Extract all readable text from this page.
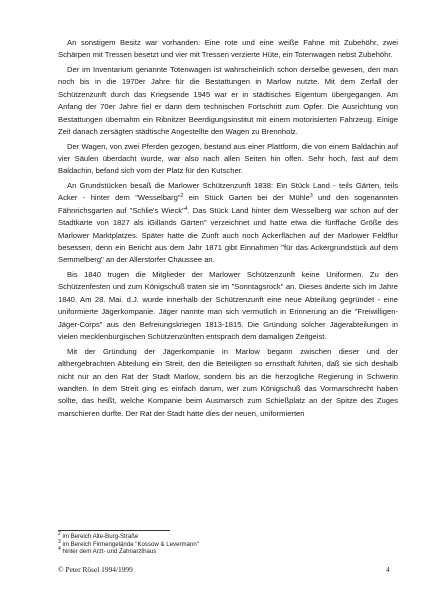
An sonstigem Besitz war vorhanden: Eine rote und eine weiße Fahne mit Zubehöhr, zwei Schärpen mit Tressen besetzt und vier mit Tressen verzierte Hüte, ein Totenwagen nebst Zubehöhr.

Der im Inventarium genannte Totenwagen ist wahrscheinlich schon derselbe gewesen, den man noch bis in die 1970er Jahre für die Bestattungen in Marlow nutzte. Mit dem Zerfall der Schützenzunft durch das Kriegsende 1945 war er in städtisches Eigentum übergegangen. Am Anfang der 70er Jahre fiel er dann dem technischen Fortschritt zum Opfer. Die Ausrichtung von Bestattungen übernahm ein Ribnitzer Beerdigungsinstitut mit einem motorisierten Fahrzeug. Einige Zeit danach zersägten städtische Angestellte den Wagen zu Brennholz.

Der Wagen, von zwei Pferden gezogen, bestand aus einer Plattform, die von einem Baldachin auf vier Säulen überdacht wurde, war also nach allen Seiten hin offen. Sehr hoch, fast auf dem Baldachin, befand sich vorn der Platz für den Kutscher.

An Grundstücken besaß die Marlower Schützenzunft 1838: Ein Stück Land - teils Gärten, teils Acker - hinter dem "Wesselbarg"$^2$ ein Stück Garten bei der Mühle$^3$ und den sogenannten Fähnrichsgarten auf "Schlie's Wieck"$^4$. Das Stück Land hinter dem Wesselberg war schon auf der Stadtkarte von 1827 als iGillands Gärten" verzeichnet und hatte etwa die fünffache Größe des Marlower Marktplatzes. Später hatte die Zunft auch noch Ackerflächen auf der Marlower Feldflur besessen, denn ein Bericht aus dem Jahr 1871 gibt Einnahmen "für das Ackergrundstück auf dem Semmelberg" an der Allerstorfer Chaussee an.

Bis 1840 trugen die Mitglieder der Marlower Schützenzunft keine Uniformen. Zu den Schützenfesten und zum Königschuß traten sie im "Sonntagsrock" an. Dieses änderte sich im Jahre 1840. Am 28. Mai. d.J. wurde innerhalb der Schützenzunft eine neue Abteilung gegründet - eine uniformierte Jägerkompanie. Jäger nannte man sich vermutlich in Erinnerung an die "Freiwilligen-Jäger-Corps" aus den Befreiungskriegen 1813-1815. Die Gründung solcher Jägerabteilungen in vielen mecklenburgischen Schützenzünften entsprach dem damaligen Zeitgeist.

Mit der Gründung der Jägerkompanie in Marlow begann zwischen dieser und der althergebrachten Abteilung ein Streit, den die Beteiligten so ernsthaft führten, daß sie sich deshalb nicht nur an den Rat der Stadt Marlow, sondern bis an die herzogliche Regierung in Schwerin wandten. In dem Streit ging es einfach darum, wer zum Königschuß das Vormarschrecht haben sollte, das heißt, welche Kompanie beim Ausmarsch zum Schießplatz an der Spitze des Zuges marschieren durfte. Der Rat der Stadt hatte dies der neuen, uniformierten

$^2$ im Bereich Alte-Burg-Straße
$^3$ im Bereich Firmengelände "Kossow & Levermann"
$^4$ hinter dem Arzt- und Zahnarzthaus
© Peter Rösel 1994/1999	4
